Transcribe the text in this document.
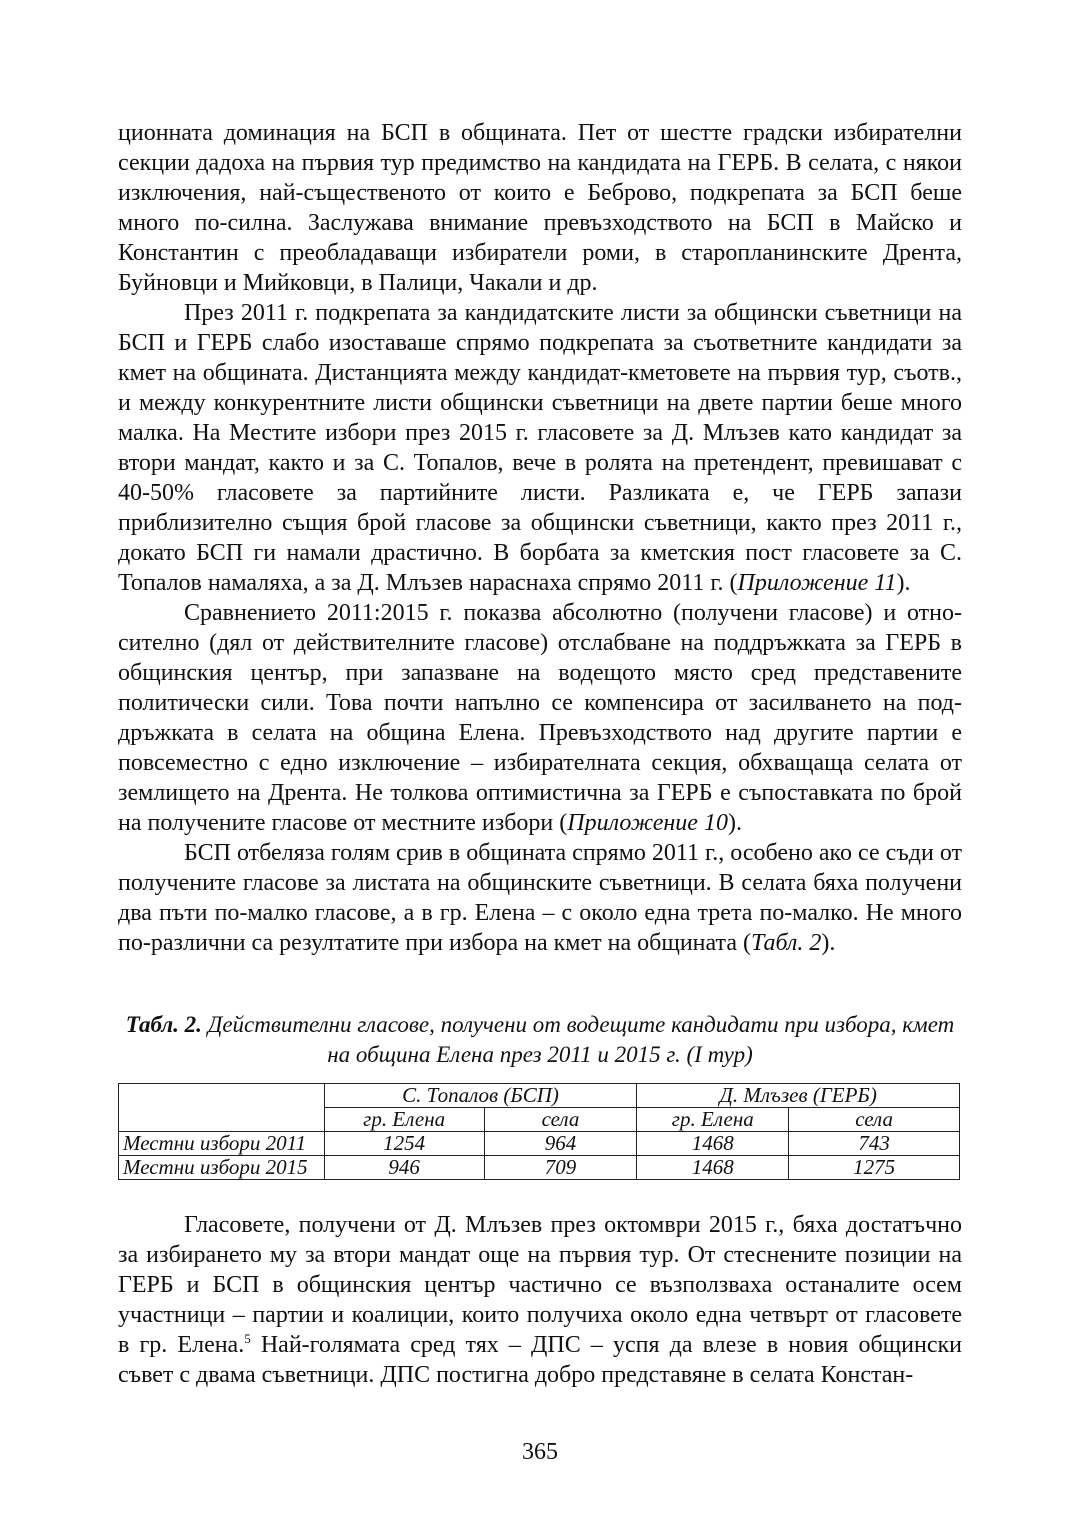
ционната доминация на БСП в общината. Пет от шестте градски избирателни секции дадоха на първия тур предимство на кандидата на ГЕРБ. В селата, с някои изключения, най-същественото от които е Беброво, подкрепата за БСП беше много по-силна. Заслужава внимание превъзходството на БСП в Майско и Константин с преобладаващи избиратели роми, в старопланинските Дрента, Буйновци и Мийковци, в Палици, Чакали и др.

През 2011 г. подкрепата за кандидатските листи за общински съветници на БСП и ГЕРБ слабо изоставаше спрямо подкрепата за съответните кандидати за кмет на общината. Дистанцията между кандидат-кметовете на първия тур, съотв., и между конкурентните листи общински съветници на двете партии беше много малка. На Местите избори през 2015 г. гласовете за Д. Млъзев като кандидат за втори мандат, както и за С. Топалов, вече в ролята на претендент, превишават с 40-50% гласовете за партийните листи. Разликата е, че ГЕРБ запази приблизително същия брой гласове за общински съветници, както през 2011 г., докато БСП ги намали драстично. В борбата за кметския пост гласовете за С. Топалов намаляха, а за Д. Млъзев нараснаха спрямо 2011 г. (Приложение 11).

Сравнението 2011:2015 г. показва абсолютно (получени гласове) и относително (дял от действителните гласове) отслабване на поддръжката за ГЕРБ в общинския център, при запазване на водещото място сред представените политически сили. Това почти напълно се компенсира от засилването на поддръжката в селата на община Елена. Превъзходството над другите партии е повсеместно с едно изключение – избирателната секция, обхващаща селата от землището на Дрента. Не толкова оптимистична за ГЕРБ е съпоставката по брой на получените гласове от местните избори (Приложение 10).

БСП отбеляза голям срив в общината спрямо 2011 г., особено ако се съди от получените гласове за листата на общинските съветници. В селата бяха получени два пъти по-малко гласове, а в гр. Елена – с около една трета по-малко. Не много по-различни са резултатите при избора на кмет на общината (Табл. 2).

Табл. 2. Действителни гласове, получени от водещите кандидати при избора, кмет на община Елена през 2011 и 2015 г. (I тур)
	С. Топалов (БСП)		Д. Млъзев (ГЕРБ)	
	гр. Елена	села	гр. Елена	села
Местни избори 2011	1254	964	1468	743
Местни избори 2015	946	709	1468	1275

Гласовете, получени от Д. Млъзев през октомври 2015 г., бяха достатъчно за избирането му за втори мандат още на първия тур. От стеснените позиции на ГЕРБ и БСП в общинския център частично се възползваха останалите осем участници – партии и коалиции, които получиха около една четвърт от гласовете в гр. Елена.$^5$ Най-голямата сред тях – ДПС – успя да влезе в новия общински съвет с двама съветници. ДПС постигна добро представяне в селата Констан-

365
